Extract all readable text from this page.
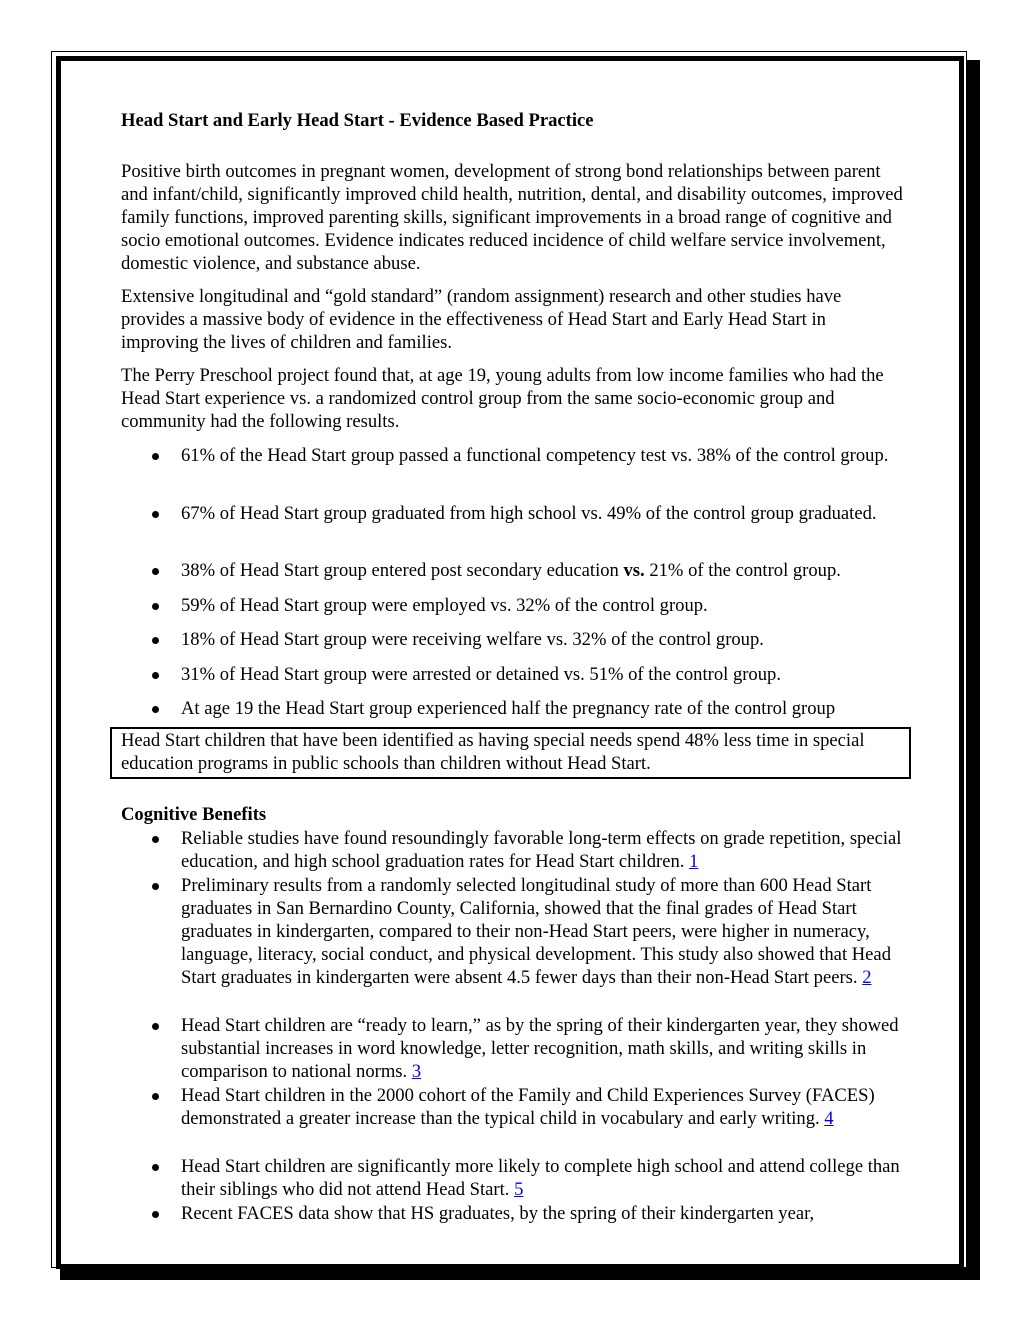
Head Start and Early Head Start - Evidence Based Practice

Positive birth outcomes in pregnant women, development of strong bond relationships between parent and infant/child, significantly improved child health, nutrition, dental, and disability outcomes, improved family functions, improved parenting skills, significant improvements in a broad range of cognitive and socio emotional outcomes. Evidence indicates reduced incidence of child welfare service involvement, domestic violence, and substance abuse.

Extensive longitudinal and “gold standard” (random assignment) research and other studies have provides a massive body of evidence in the effectiveness of Head Start and Early Head Start in improving the lives of children and families.

The Perry Preschool project found that, at age 19, young adults from low income families who had the Head Start experience vs. a randomized control group from the same socio-economic group and community had the following results.

61% of the Head Start group passed a functional competency test vs. 38% of the control group.

67% of Head Start group graduated from high school vs. 49% of the control group graduated.

38% of Head Start group entered post secondary education vs. 21% of the control group.

59% of Head Start group were employed vs. 32% of the control group.

18% of Head Start group were receiving welfare vs. 32% of the control group.

31% of Head Start group were arrested or detained vs. 51% of the control group.

At age 19 the Head Start group experienced half the pregnancy rate of the control group

Head Start children that have been identified as having special needs spend 48% less time in special education programs in public schools than children without Head Start.

Cognitive Benefits

Reliable studies have found resoundingly favorable long-term effects on grade repetition, special education, and high school graduation rates for Head Start children. 1

Preliminary results from a randomly selected longitudinal study of more than 600 Head Start graduates in San Bernardino County, California, showed that the final grades of Head Start graduates in kindergarten, compared to their non-Head Start peers, were higher in numeracy, language, literacy, social conduct, and physical development. This study also showed that Head Start graduates in kindergarten were absent 4.5 fewer days than their non-Head Start peers. 2

Head Start children are “ready to learn,” as by the spring of their kindergarten year, they showed substantial increases in word knowledge, letter recognition, math skills, and writing skills in comparison to national norms. 3

Head Start children in the 2000 cohort of the Family and Child Experiences Survey (FACES) demonstrated a greater increase than the typical child in vocabulary and early writing. 4

Head Start children are significantly more likely to complete high school and attend college than their siblings who did not attend Head Start. 5

Recent FACES data show that HS graduates, by the spring of their kindergarten year,
